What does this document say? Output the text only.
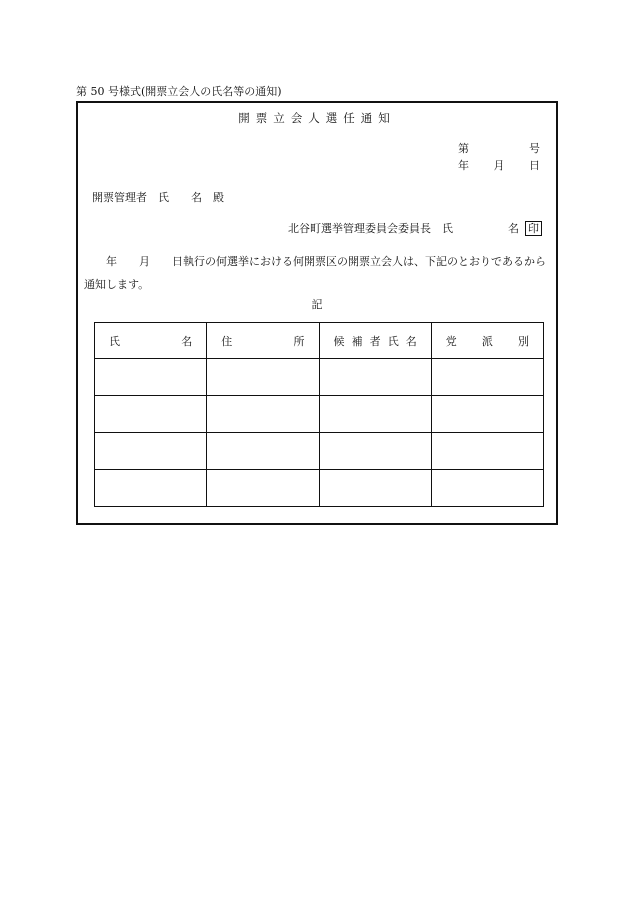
第 50 号様式(開票立会人の氏名等の通知)
開票立会人選任通知
第	号
年 月 日
開票管理者　氏　　名　殿
北谷町選挙管理委員会委員長　氏　　　　　名 印
　　年　　月　　日執行の何選挙における何開票区の開票立会人は、下記のとおりであるから通知します。
記
氏 名	住 所	候 補 者 氏 名	党 派 別
